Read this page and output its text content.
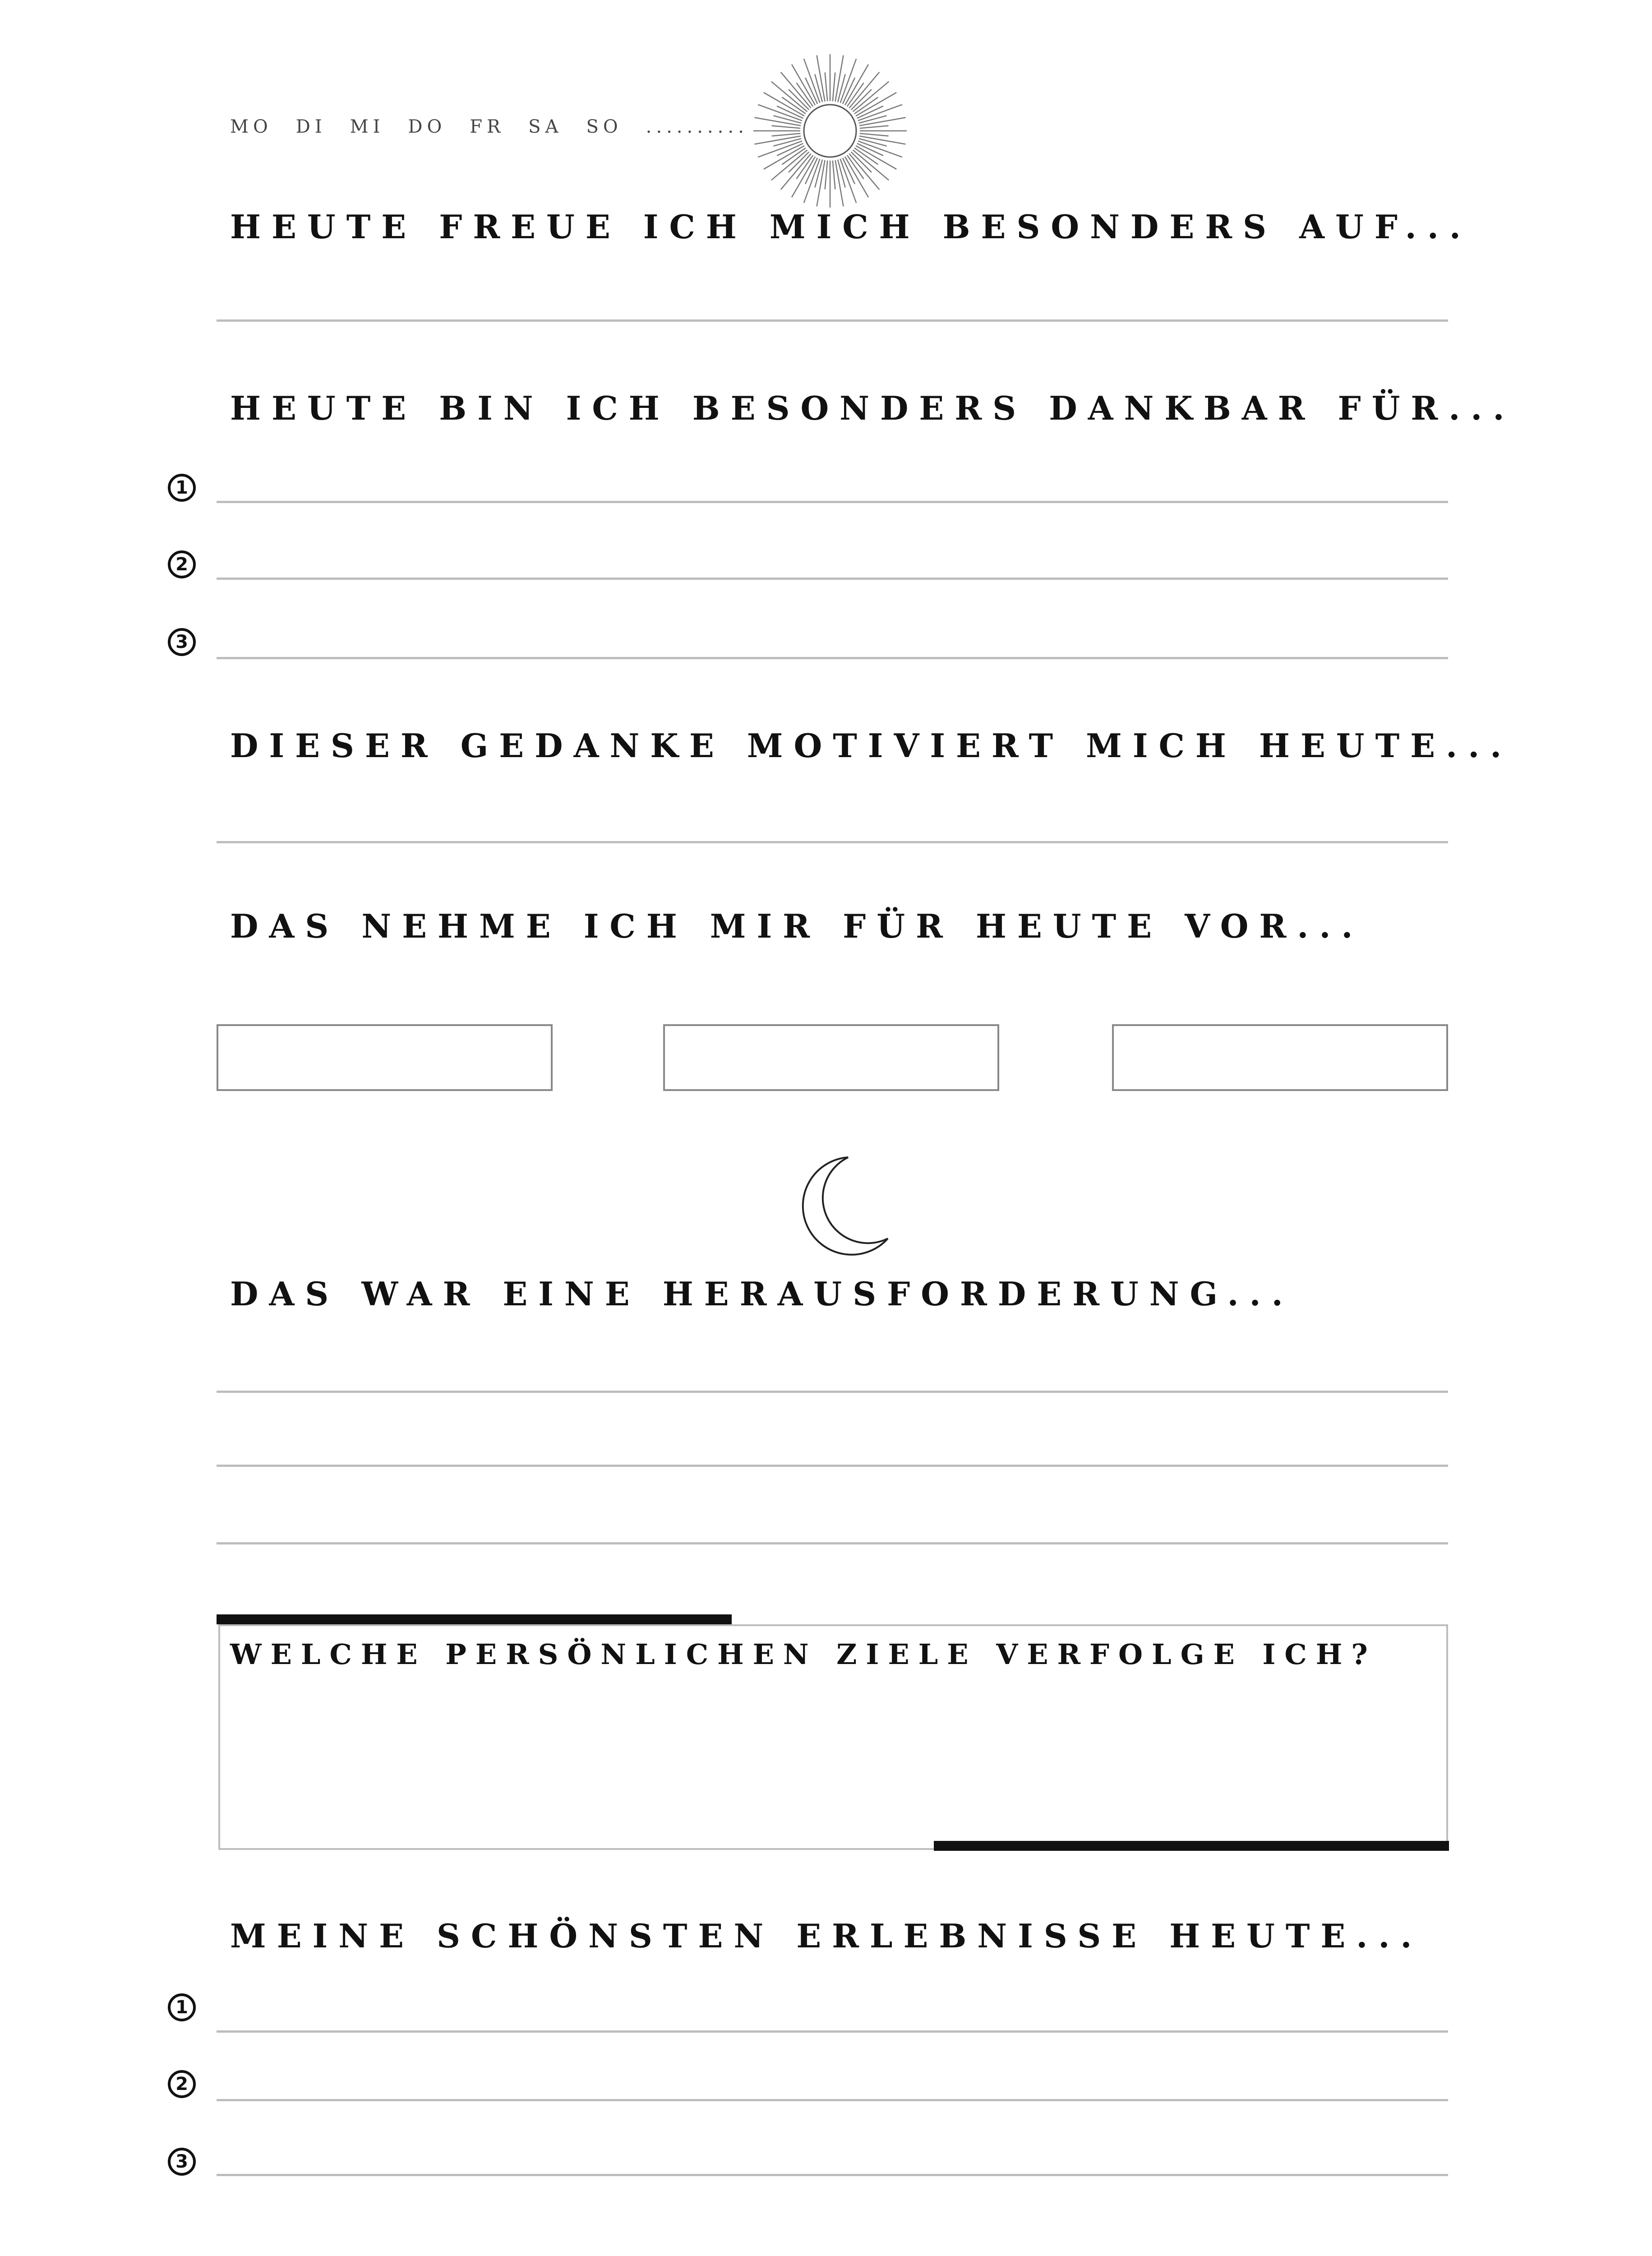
MO DI MI DO FR SA SO ..........
HEUTE FREUE ICH MICH BESONDERS AUF...
HEUTE BIN ICH BESONDERS DANKBAR FÜR...
1
2
3
DIESER GEDANKE MOTIVIERT MICH HEUTE...
DAS NEHME ICH MIR FÜR HEUTE VOR...
DAS WAR EINE HERAUSFORDERUNG...
WELCHE PERSÖNLICHEN ZIELE VERFOLGE ICH?
MEINE SCHÖNSTEN ERLEBNISSE HEUTE...
1
2
3
